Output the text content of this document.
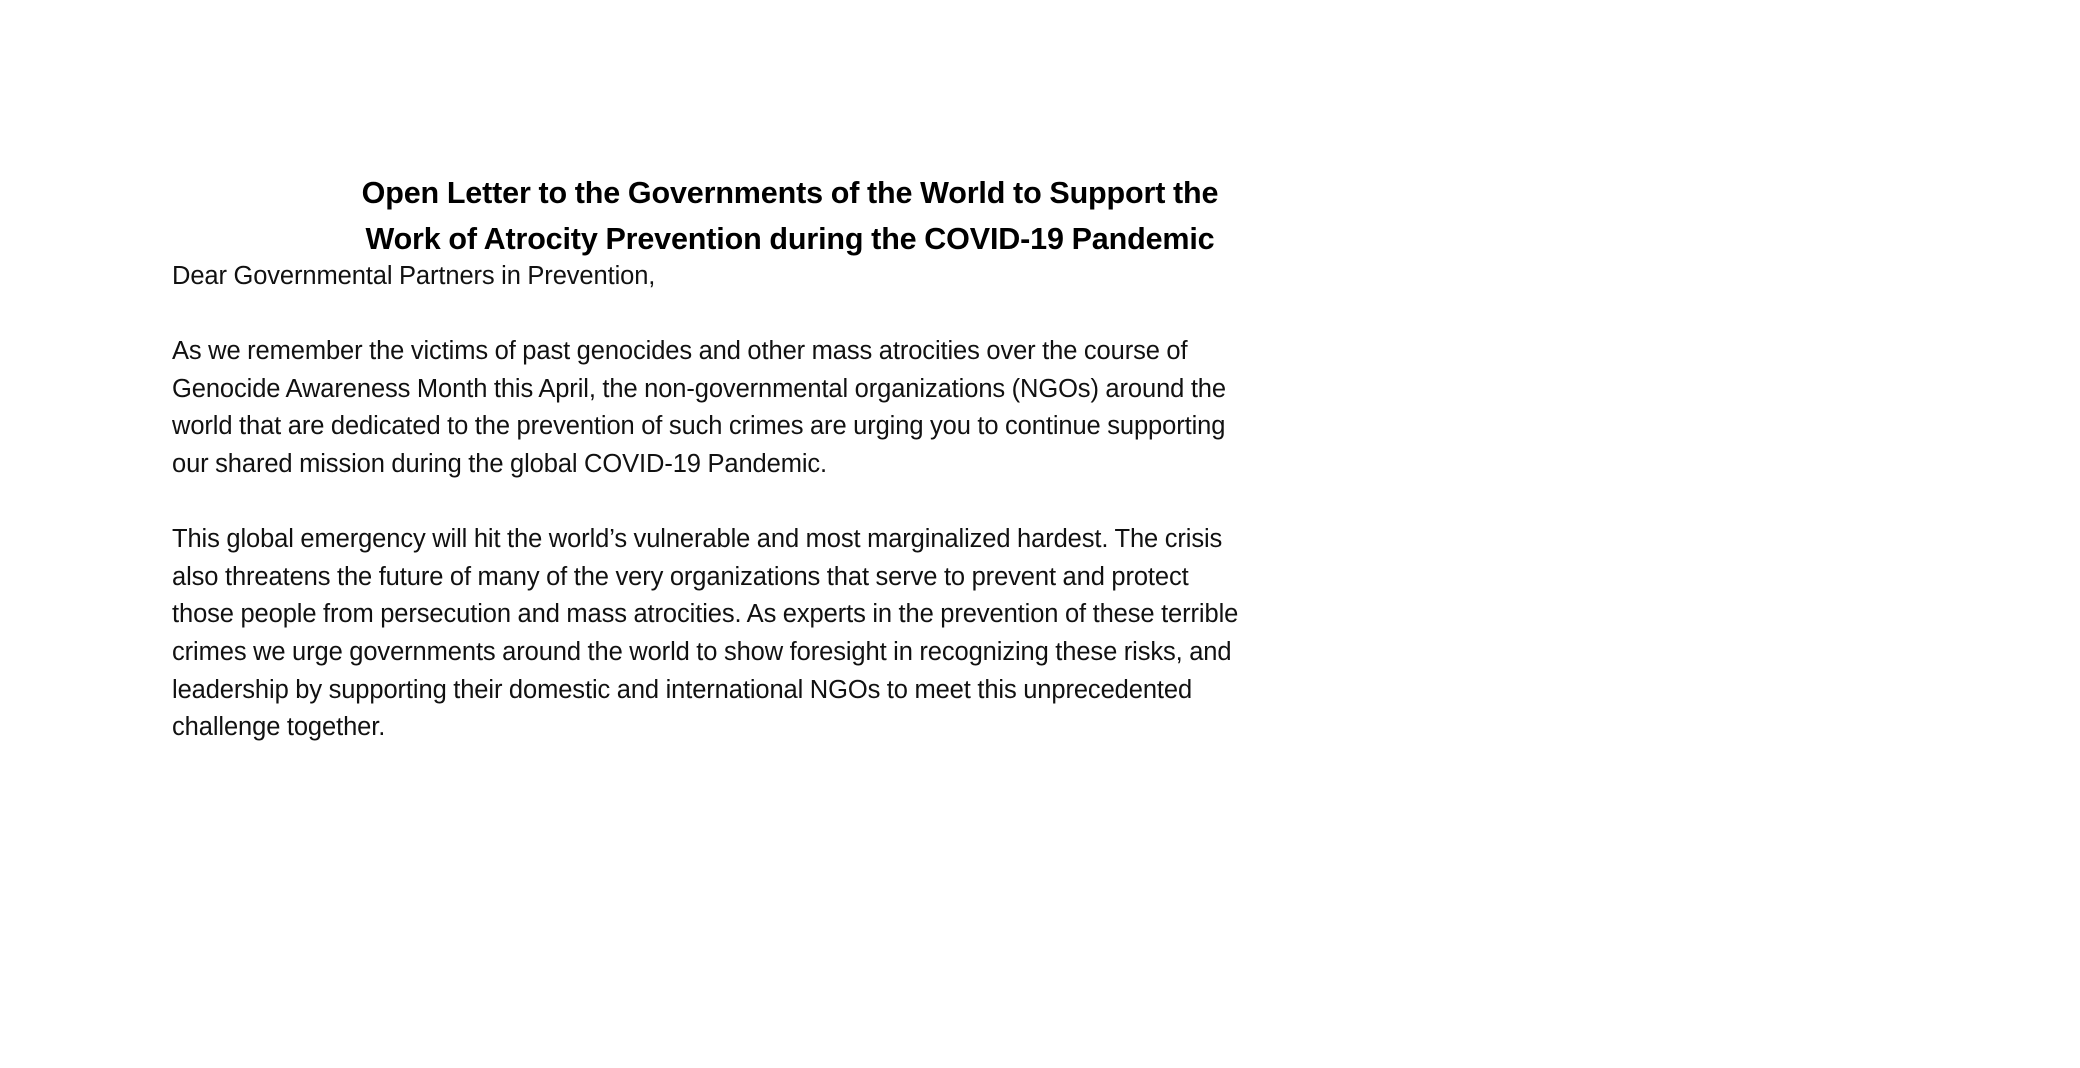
Open Letter to the Governments of the World to Support the
Work of Atrocity Prevention during the COVID-19 Pandemic

Dear Governmental Partners in Prevention,

As we remember the victims of past genocides and other mass atrocities over the course of
Genocide Awareness Month this April, the non-governmental organizations (NGOs) around the
world that are dedicated to the prevention of such crimes are urging you to continue supporting
our shared mission during the global COVID-19 Pandemic.

This global emergency will hit the world’s vulnerable and most marginalized hardest. The crisis
also threatens the future of many of the very organizations that serve to prevent and protect
those people from persecution and mass atrocities. As experts in the prevention of these terrible
crimes we urge governments around the world to show foresight in recognizing these risks, and
leadership by supporting their domestic and international NGOs to meet this unprecedented
challenge together.
